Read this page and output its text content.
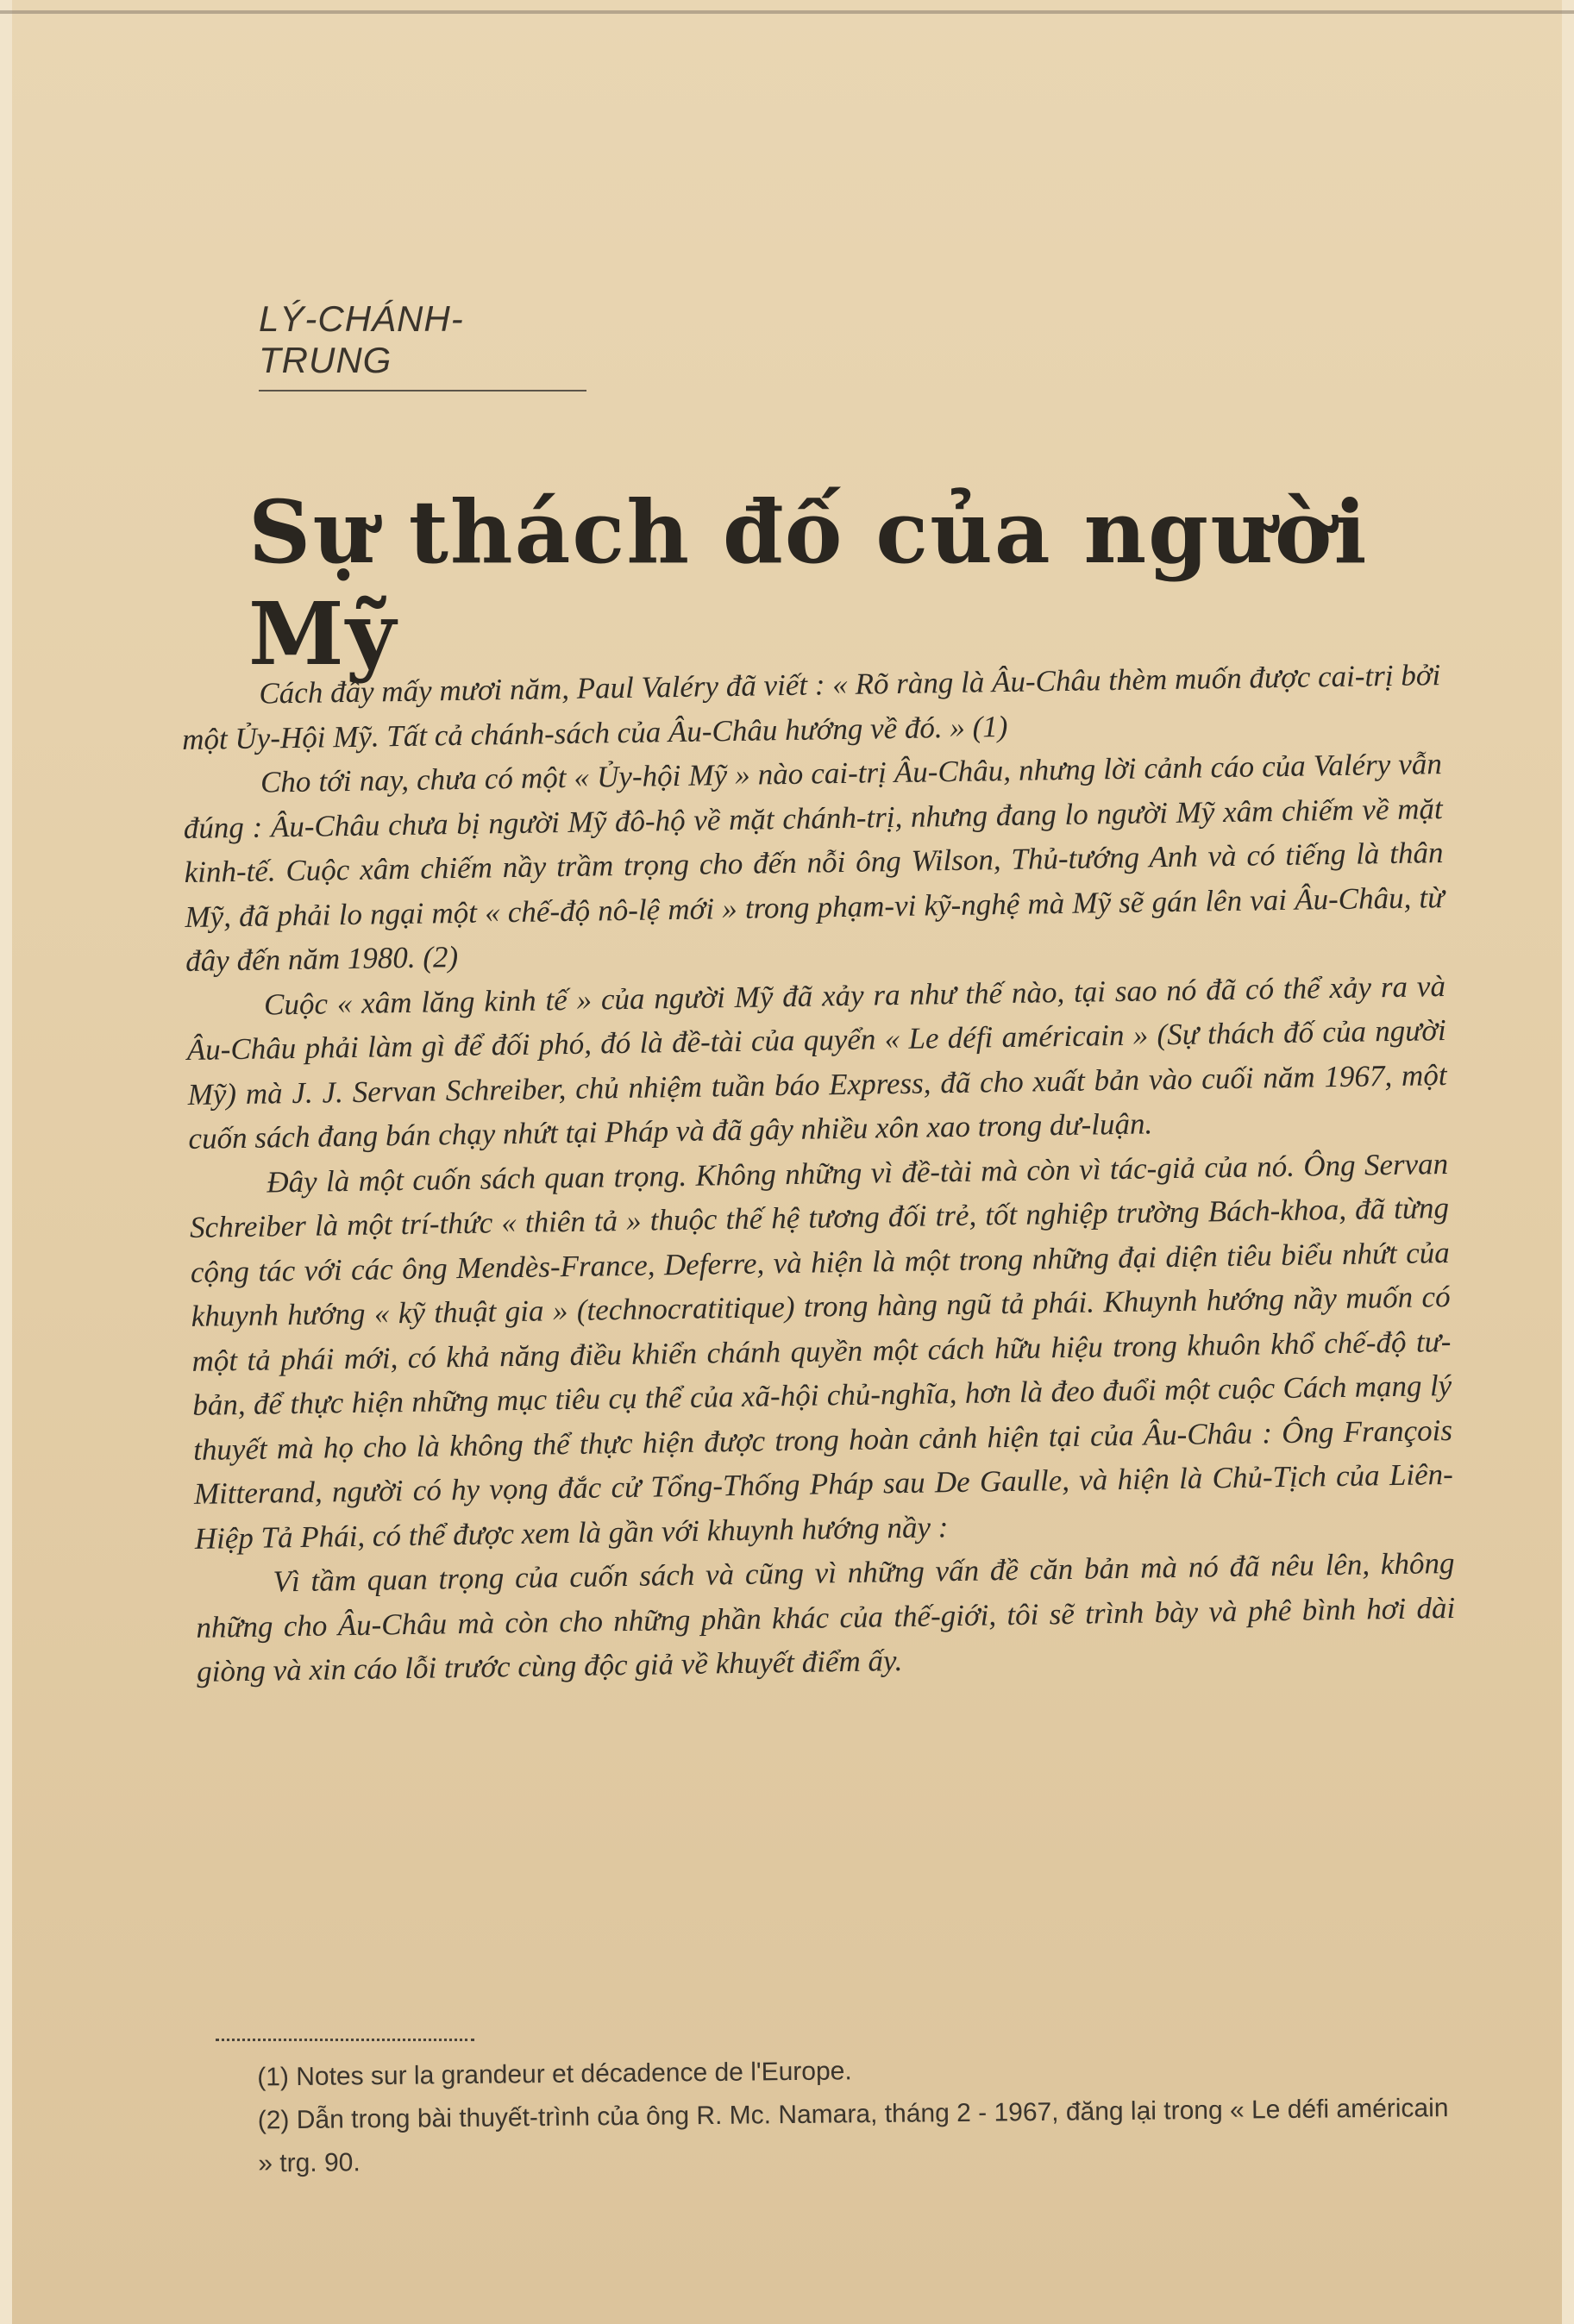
LÝ-CHÁNH-TRUNG
Sự thách đố của người Mỹ

Cách đây mấy mươi năm, Paul Valéry đã viết : « Rõ ràng là Âu-Châu thèm muốn được cai-trị bởi một Ủy-Hội Mỹ. Tất cả chánh-sách của Âu-Châu hướng về đó. » (1)

Cho tới nay, chưa có một « Ủy-hội Mỹ » nào cai-trị Âu-Châu, nhưng lời cảnh cáo của Valéry vẫn đúng : Âu-Châu chưa bị người Mỹ đô-hộ về mặt chánh-trị, nhưng đang lo người Mỹ xâm chiếm về mặt kinh-tế. Cuộc xâm chiếm nầy trầm trọng cho đến nỗi ông Wilson, Thủ-tướng Anh và có tiếng là thân Mỹ, đã phải lo ngại một « chế-độ nô-lệ mới » trong phạm-vi kỹ-nghệ mà Mỹ sẽ gán lên vai Âu-Châu, từ đây đến năm 1980. (2)

Cuộc « xâm lăng kinh tế » của người Mỹ đã xảy ra như thế nào, tại sao nó đã có thể xảy ra và Âu-Châu phải làm gì để đối phó, đó là đề-tài của quyển « Le défi américain » (Sự thách đố của người Mỹ) mà J. J. Servan Schreiber, chủ nhiệm tuần báo Express, đã cho xuất bản vào cuối năm 1967, một cuốn sách đang bán chạy nhứt tại Pháp và đã gây nhiều xôn xao trong dư-luận.

Đây là một cuốn sách quan trọng. Không những vì đề-tài mà còn vì tác-giả của nó. Ông Servan Schreiber là một trí-thức « thiên tả » thuộc thế hệ tương đối trẻ, tốt nghiệp trường Bách-khoa, đã từng cộng tác với các ông Mendès-France, Deferre, và hiện là một trong những đại diện tiêu biểu nhứt của khuynh hướng « kỹ thuật gia » (technocratitique) trong hàng ngũ tả phái. Khuynh hướng nầy muốn có một tả phái mới, có khả năng điều khiển chánh quyền một cách hữu hiệu trong khuôn khổ chế-độ tư-bản, để thực hiện những mục tiêu cụ thể của xã-hội chủ-nghĩa, hơn là đeo đuổi một cuộc Cách mạng lý thuyết mà họ cho là không thể thực hiện được trong hoàn cảnh hiện tại của Âu-Châu : Ông François Mitterand, người có hy vọng đắc cử Tổng-Thống Pháp sau De Gaulle, và hiện là Chủ-Tịch của Liên-Hiệp Tả Phái, có thể được xem là gần với khuynh hướng nầy :

Vì tầm quan trọng của cuốn sách và cũng vì những vấn đề căn bản mà nó đã nêu lên, không những cho Âu-Châu mà còn cho những phần khác của thế-giới, tôi sẽ trình bày và phê bình hơi dài giòng và xin cáo lỗi trước cùng độc giả về khuyết điểm ấy.

(1) Notes sur la grandeur et décadence de l'Europe.

(2) Dẫn trong bài thuyết-trình của ông R. Mc. Namara, tháng 2 - 1967, đăng lại trong « Le défi américain » trg. 90.
